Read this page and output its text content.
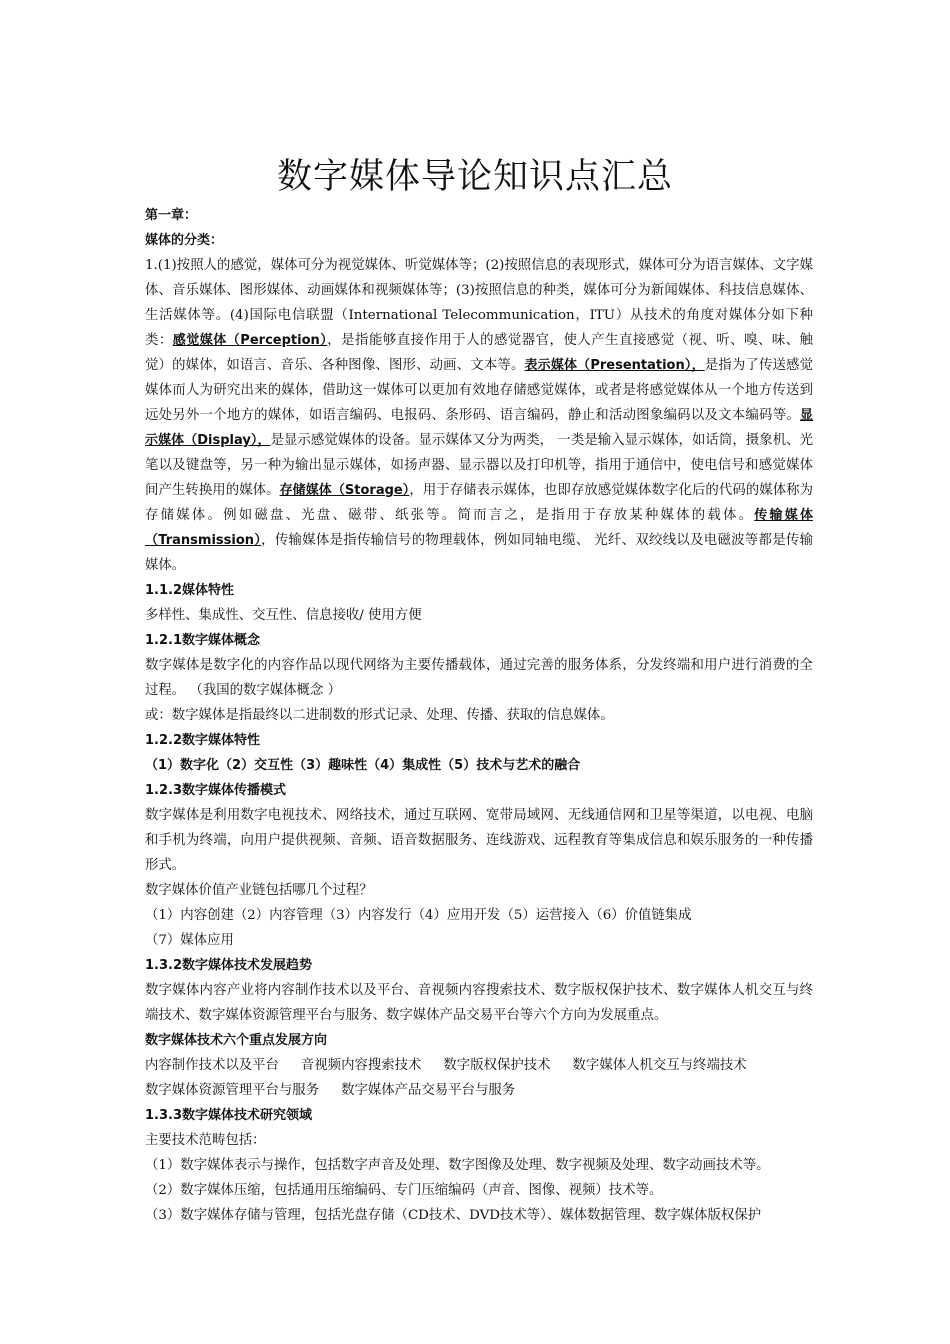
数字媒体导论知识点汇总

第一章：

媒体的分类：

1.(1)按照人的感觉，媒体可分为视觉媒体、听觉媒体等；(2)按照信息的表现形式，媒体可分为语言媒体、文字媒体、音乐媒体、图形媒体、动画媒体和视频媒体等；(3)按照信息的种类，媒体可分为新闻媒体、科技信息媒体、生活媒体等。(4)国际电信联盟（International Telecommunication，ITU）从技术的角度对媒体分如下种类：感觉媒体（Perception），是指能够直接作用于人的感觉器官，使人产生直接感觉（视、听、嗅、味、触 觉）的媒体，如语言、音乐、各种图像、图形、动画、文本等。表示媒体（Presentation），是指为了传送感觉媒体而人为研究出来的媒体，借助这一媒体可以更加有效地存储感觉媒体，或者是将感觉媒体从一个地方传送到远处另外一个地方的媒体，如语言编码、电报码、条形码、语言编码，静止和活动图象编码以及文本编码等。显示媒体（Display），是显示感觉媒体的设备。显示媒体又分为两类， 一类是输入显示媒体，如话筒，摄象机、光笔以及键盘等，另一种为输出显示媒体，如扬声器、显示器以及打印机等，指用于通信中，使电信号和感觉媒体间产生转换用的媒体。存储媒体（Storage），用于存储表示媒体，也即存放感觉媒体数字化后的代码的媒体称为存储媒体。例如磁盘、光盘、磁带、纸张等。简而言之，是指用于存放某种媒体的载体。传输媒体（Transmission），传输媒体是指传输信号的物理载体，例如同轴电缆、 光纤、双绞线以及电磁波等都是传输媒体。

1.1.2媒体特性

多样性、集成性、交互性、信息接收/ 使用方便

1.2.1数字媒体概念

数字媒体是数字化的内容作品以现代网络为主要传播载体，通过完善的服务体系，分发终端和用户进行消费的全过程。 （我国的数字媒体概念 ）

或：数字媒体是指最终以二进制数的形式记录、处理、传播、获取的信息媒体。

1.2.2数字媒体特性

（1）数字化（2）交互性（3）趣味性（4）集成性（5）技术与艺术的融合

1.2.3数字媒体传播模式

数字媒体是利用数字电视技术、网络技术，通过互联网、宽带局域网、无线通信网和卫星等渠道，以电视、电脑和手机为终端，向用户提供视频、音频、语音数据服务、连线游戏、远程教育等集成信息和娱乐服务的一种传播形式。

数字媒体价值产业链包括哪几个过程？

（1）内容创建（2）内容管理（3）内容发行（4）应用开发（5）运营接入（6）价值链集成

（7）媒体应用

1.3.2数字媒体技术发展趋势

数字媒体内容产业将内容制作技术以及平台、音视频内容搜索技术、数字版权保护技术、数字媒体人机交互与终端技术、数字媒体资源管理平台与服务、数字媒体产品交易平台等六个方向为发展重点。

数字媒体技术六个重点发展方向

内容制作技术以及平台 音视频内容搜索技术 数字版权保护技术 数字媒体人机交互与终端技术

数字媒体资源管理平台与服务 数字媒体产品交易平台与服务

1.3.3数字媒体技术研究领域

主要技术范畴包括：

（1）数字媒体表示与操作，包括数字声音及处理、数字图像及处理、数字视频及处理、数字动画技术等。

（2）数字媒体压缩，包括通用压缩编码、专门压缩编码（声音、图像、视频）技术等。

（3）数字媒体存储与管理，包括光盘存储（CD技术、DVD技术等）、媒体数据管理、数字媒体版权保护
